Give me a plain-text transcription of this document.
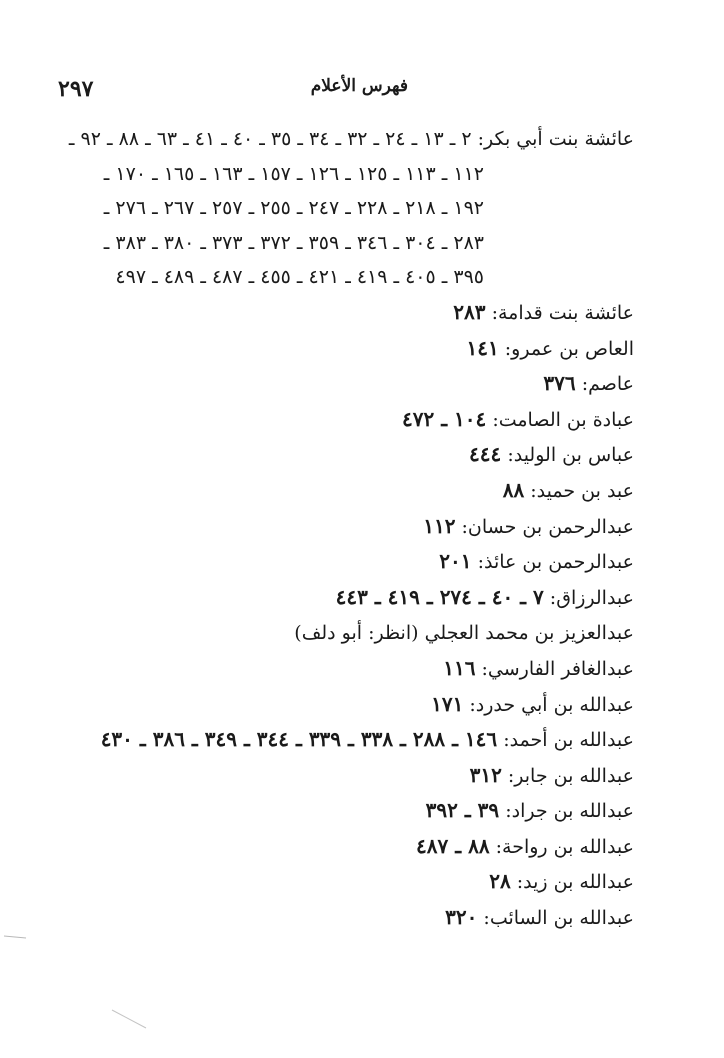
فهرس الأعلام
٢٩٧
عائشة بنت أبي بكر: ٢ ـ ١٣ ـ ٢٤ ـ ٣٢ ـ ٣٤ ـ ٣٥ ـ ٤٠ ـ ٤١ ـ ٦٣ ـ ٨٨ ـ ٩٢ ـ
١١٢ ـ ١١٣ ـ ١٢٥ ـ ١٢٦ ـ ١٥٧ ـ ١٦٣ ـ ١٦٥ ـ ١٧٠ ـ
١٩٢ ـ ٢١٨ ـ ٢٢٨ ـ ٢٤٧ ـ ٢٥٥ ـ ٢٥٧ ـ ٢٦٧ ـ ٢٧٦ ـ
٢٨٣ ـ ٣٠٤ ـ ٣٤٦ ـ ٣٥٩ ـ ٣٧٢ ـ ٣٧٣ ـ ٣٨٠ ـ ٣٨٣ ـ
٣٩٥ ـ ٤٠٥ ـ ٤١٩ ـ ٤٢١ ـ ٤٥٥ ـ ٤٨٧ ـ ٤٨٩ ـ ٤٩٧
عائشة بنت قدامة: ٢٨٣
العاص بن عمرو: ١٤١
عاصم: ٣٧٦
عبادة بن الصامت: ١٠٤ ـ ٤٧٢
عباس بن الوليد: ٤٤٤
عبد بن حميد: ٨٨
عبدالرحمن بن حسان: ١١٢
عبدالرحمن بن عائذ: ٢٠١
عبدالرزاق: ٧ ـ ٤٠ ـ ٢٧٤ ـ ٤١٩ ـ ٤٤٣
عبدالعزيز بن محمد العجلي (انظر: أبو دلف)
عبدالغافر الفارسي: ١١٦
عبدالله بن أبي حدرد: ١٧١
عبدالله بن أحمد: ١٤٦ ـ ٢٨٨ ـ ٣٣٨ ـ ٣٣٩ ـ ٣٤٤ ـ ٣٤٩ ـ ٣٨٦ ـ ٤٣٠
عبدالله بن جابر: ٣١٢
عبدالله بن جراد: ٣٩ ـ ٣٩٢
عبدالله بن رواحة: ٨٨ ـ ٤٨٧
عبدالله بن زيد: ٢٨
عبدالله بن السائب: ٣٢٠
